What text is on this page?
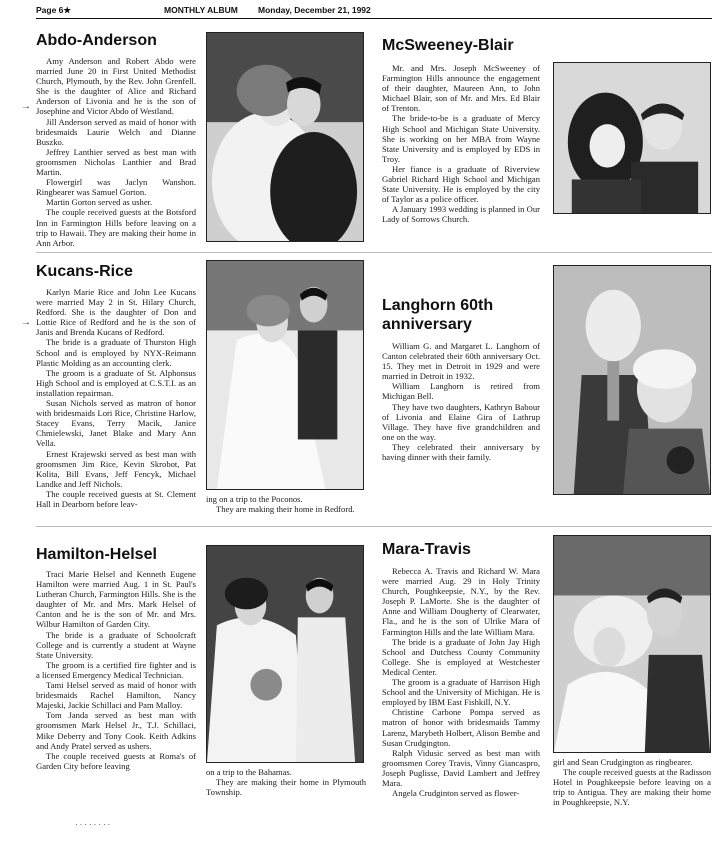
Page 6★	MONTHLY ALBUM Monday, December 21, 1992
Abdo-Anderson

Amy Anderson and Robert Abdo were married June 20 in First United Methodist Church, Plymouth, by the Rev. John Grenfell. She is the daughter of Alice and Richard Anderson of Livonia and he is the son of Josephine and Victor Abdo of Westland.

Jill Anderson served as maid of honor with bridesmaids Laurie Welch and Dianne Buszko.

Jeffrey Lanthier served as best man with groomsmen Nicholas Lanthier and Brad Martin.

Flowergirl was Jaclyn Wanshon. Ringbearer was Samuel Gorton.

Martin Gorton served as usher.

The couple received guests at the Botsford Inn in Farmington Hills before leaving on a trip to Hawaii. They are making their home in Ann Arbor.

McSweeney-Blair

Mr. and Mrs. Joseph McSweeney of Farmington Hills announce the engagement of their daughter, Maureen Ann, to John Michael Blair, son of Mr. and Mrs. Ed Blair of Trenton.

The bride-to-be is a graduate of Mercy High School and Michigan State University. She is working on her MBA from Wayne State University and is employed by EDS in Troy.

Her fiance is a graduate of Riverview Gabriel Richard High School and Michigan State University. He is employed by the city of Taylor as a police officer.

A January 1993 wedding is planned in Our Lady of Sorrows Church.

Kucans-Rice

Karlyn Marie Rice and John Lee Kucans were married May 2 in St. Hilary Church, Redford. She is the daughter of Don and Lottie Rice of Redford and he is the son of Janis and Brenda Kucans of Redford.

The bride is a graduate of Thurston High School and is employed by NYX-Reimann Plastic Molding as an accounting clerk.

The groom is a graduate of St. Alphonsus High School and is employed at C.S.T.I. as an installation repairman.

Susan Nichols served as matron of honor with bridesmaids Lori Rice, Christine Harlow, Stacey Evans, Terry Macik, Janice Chmielewski, Janet Blake and Mary Ann Vella.

Ernest Krajewski served as best man with groomsmen Jim Rice, Kevin Skrobot, Pat Kolita, Bill Evans, Jeff Fencyk, Michael Landke and Jeff Nichols.

The couple received guests at St. Clement Hall in Dearborn before leav-	ing on a trip to the Poconos.

They are making their home in Redford.

Langhorn 60th
anniversary

William G. and Margaret L. Langhorn of Canton celebrated their 60th anniversary Oct. 15. They met in Detroit in 1929 and were married in Detroit in 1932.

William Langhorn is retired from Michigan Bell.

They have two daughters, Kathryn Babour of Livonia and Elaine Gira of Lathrup Village. They have five grandchildren and one on the way.

They celebrated their anniversary by having dinner with their family.

Hamilton-Helsel

Traci Marie Helsel and Kenneth Eugene Hamilton were married Aug. 1 in St. Paul's Lutheran Church, Farmington Hills. She is the daughter of Mr. and Mrs. Mark Helsel of Canton and he is the son of Mr. and Mrs. Wilbur Hamilton of Garden City.

The bride is a graduate of Schoolcraft College and is currently a student at Wayne State University.

The groom is a certified fire fighter and is a licensed Emergency Medical Technician.

Tami Helsel served as maid of honor with bridesmaids Rachel Hamilton, Nancy Majeski, Jackie Schillaci and Pam Malloy.

Tom Janda served as best man with groomsmen Mark Helsel Jr., T.J. Schillaci, Mike Deberry and Tony Cook. Keith Adkins and Andy Pratel served as ushers.

The couple received guests at Roma's of Garden City before leaving

on a trip to the Bahamas.

They are making their home in Plymouth Township.

Mara-Travis

Rebecca A. Travis and Richard W. Mara were married Aug. 29 in Holy Trinity Church, Poughkeepsie, N.Y., by the Rev. Joseph P. LaMorte. She is the daughter of Anne and William Dougherty of Clearwater, Fla., and he is the son of Ulrike Mara of Farmington Hills and the late William Mara.

The bride is a graduate of John Jay High School and Dutchess County Community College. She is employed at Westchester Medical Center.

The groom is a graduate of Harrison High School and the University of Michigan. He is employed by IBM East Fishkill, N.Y.

Christine Carbone Pompa served as matron of honor with bridesmaids Tammy Larenz, Marybeth Holbert, Alison Bembe and Susan Crudgington.

Ralph Vidusic served as best man with groomsmen Corey Travis, Vinny Giancaspro, Joseph Puglisse, David Lambert and Jeffrey Mara.

Angela Crudginton served as flower-

girl and Sean Crudgington as ringbearer.

The couple received guests at the Radisson Hotel in Poughkeepsie before leaving on a trip to Antigua. They are making their home in Poughkeepsie, N.Y.

→
→
········
